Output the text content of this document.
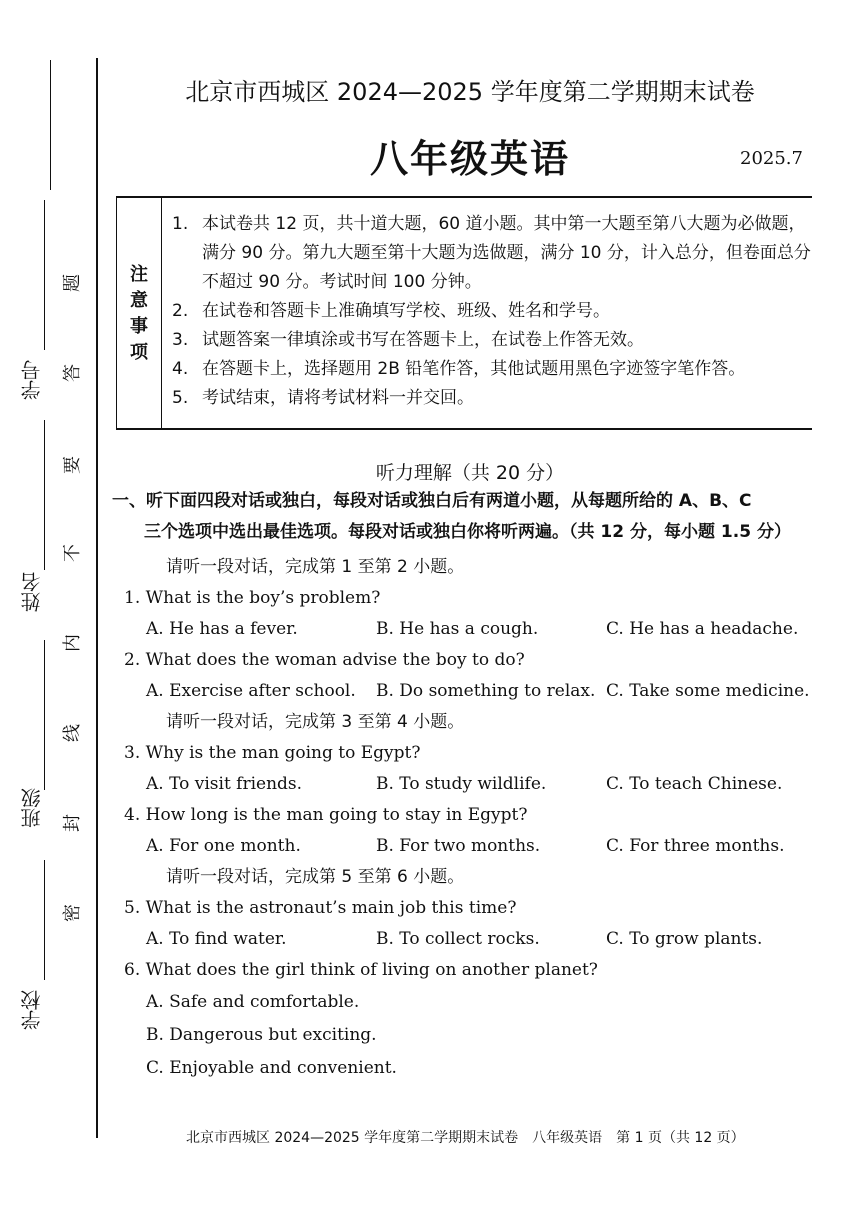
学号
姓名
班级
学校
题
答
要
不
内
线
封
密
北京市西城区 2024—2025 学年度第二学期期末试卷
八年级英语	2025.7
注
意
事
项
1. 本试卷共 12 页，共十道大题，60 道小题。其中第一大题至第八大题为必做题，满分 90 分。第九大题至第十大题为选做题，满分 10 分，计入总分，但卷面总分不超过 90 分。考试时间 100 分钟。
2. 在试卷和答题卡上准确填写学校、班级、姓名和学号。
3. 试题答案一律填涂或书写在答题卡上，在试卷上作答无效。
4. 在答题卡上，选择题用 2B 铅笔作答，其他试题用黑色字迹签字笔作答。
5. 考试结束，请将考试材料一并交回。
听力理解（共 20 分）
一、听下面四段对话或独白，每段对话或独白后有两道小题，从每题所给的 A、B、C
三个选项中选出最佳选项。每段对话或独白你将听两遍。（共 12 分，每小题 1.5 分）
请听一段对话，完成第 1 至第 2 小题。
1. What is the boy’s problem?
A. He has a fever.	B. He has a cough.	C. He has a headache.
2. What does the woman advise the boy to do?
A. Exercise after school. B. Do something to relax. C. Take some medicine.
请听一段对话，完成第 3 至第 4 小题。
3. Why is the man going to Egypt?
A. To visit friends.	B. To study wildlife.	C. To teach Chinese.
4. How long is the man going to stay in Egypt?
A. For one month.	B. For two months.	C. For three months.
请听一段对话，完成第 5 至第 6 小题。
5. What is the astronaut’s main job this time?
A. To find water.	B. To collect rocks.	C. To grow plants.
6. What does the girl think of living on another planet?
A. Safe and comfortable.
B. Dangerous but exciting.
C. Enjoyable and convenient.
北京市西城区 2024—2025 学年度第二学期期末试卷　八年级英语　第 1 页（共 12 页）
